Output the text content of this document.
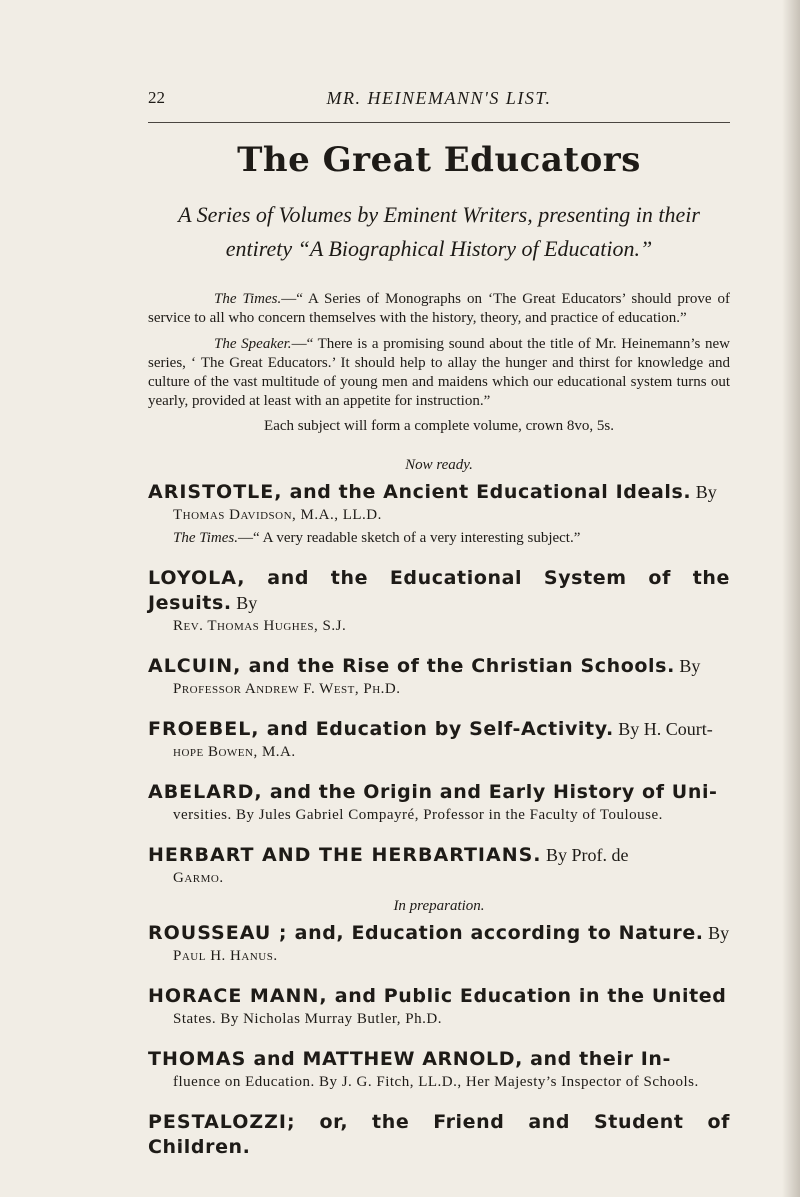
22	MR. HEINEMANN'S LIST.
The Great Educators
A Series of Volumes by Eminent Writers, presenting in their entirety “A Biographical History of Education.”

The Times.—“ A Series of Monographs on ‘The Great Educators’ should prove of service to all who concern themselves with the history, theory, and practice of education.”

The Speaker.—“ There is a promising sound about the title of Mr. Heinemann’s new series, ‘ The Great Educators.’ It should help to allay the hunger and thirst for knowledge and culture of the vast multitude of young men and maidens which our educational system turns out yearly, provided at least with an appetite for instruction.”

Each subject will form a complete volume, crown 8vo, 5s.
Now ready.
ARISTOTLE, and the Ancient Educational Ideals. By
Thomas Davidson, M.A., LL.D.
The Times.—“ A very readable sketch of a very interesting subject.”
LOYOLA, and the Educational System of the Jesuits. By
Rev. Thomas Hughes, S.J.
ALCUIN, and the Rise of the Christian Schools. By
Professor Andrew F. West, Ph.D.
FROEBEL, and Education by Self-Activity. By H. Court-
hope Bowen, M.A.
ABELARD, and the Origin and Early History of Uni-
versities. By Jules Gabriel Compayré, Professor in the Faculty of Toulouse.
HERBART AND THE HERBARTIANS. By Prof. de
Garmo.
In preparation.
ROUSSEAU ; and, Education according to Nature. By
Paul H. Hanus.
HORACE MANN, and Public Education in the United
States. By Nicholas Murray Butler, Ph.D.
THOMAS and MATTHEW ARNOLD, and their In-
fluence on Education. By J. G. Fitch, LL.D., Her Majesty’s Inspector of Schools.
PESTALOZZI; or, the Friend and Student of Children.
